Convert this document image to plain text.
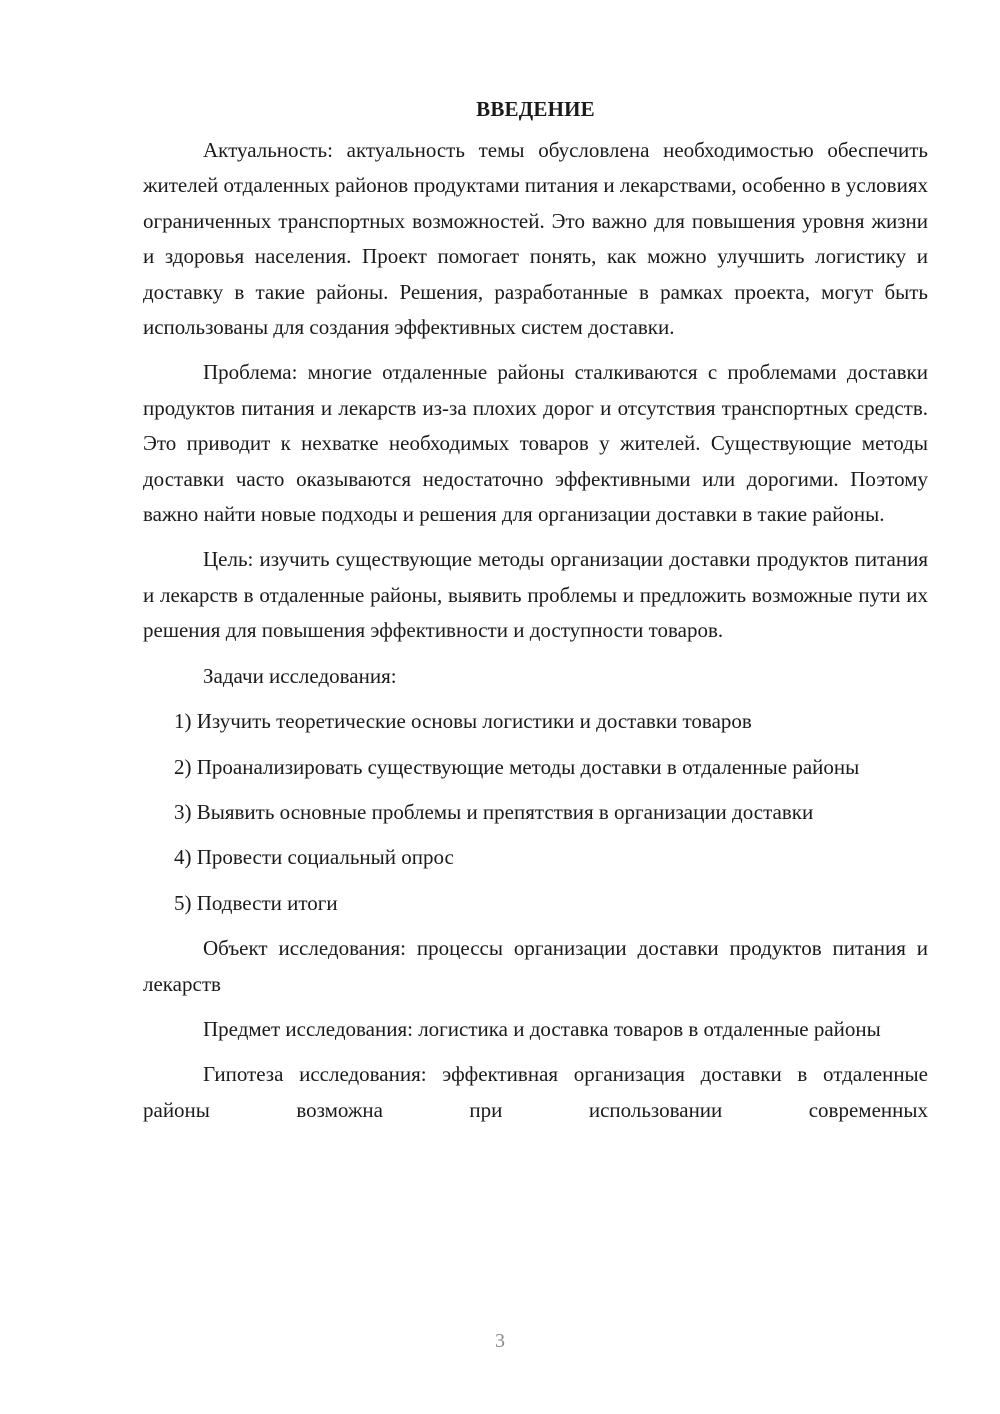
ВВЕДЕНИЕ

Актуальность: актуальность темы обусловлена необходимостью обеспечить жителей отдаленных районов продуктами питания и лекарствами, особенно в условиях ограниченных транспортных возможностей. Это важно для повышения уровня жизни и здоровья населения. Проект помогает понять, как можно улучшить логистику и доставку в такие районы. Решения, разработанные в рамках проекта, могут быть использованы для создания эффективных систем доставки.

Проблема: многие отдаленные районы сталкиваются с проблемами доставки продуктов питания и лекарств из-за плохих дорог и отсутствия транспортных средств. Это приводит к нехватке необходимых товаров у жителей. Существующие методы доставки часто оказываются недостаточно эффективными или дорогими. Поэтому важно найти новые подходы и решения для организации доставки в такие районы.

Цель: изучить существующие методы организации доставки продуктов питания и лекарств в отдаленные районы, выявить проблемы и предложить возможные пути их решения для повышения эффективности и доступности товаров.

Задачи исследования:

1) Изучить теоретические основы логистики и доставки товаров

2) Проанализировать существующие методы доставки в отдаленные районы

3) Выявить основные проблемы и препятствия в организации доставки

4) Провести социальный опрос

5) Подвести итоги

Объект исследования: процессы организации доставки продуктов питания и лекарств

Предмет исследования: логистика и доставка товаров в отдаленные районы

Гипотеза исследования: эффективная организация доставки в отдаленные районы возможна при использовании современных

3
